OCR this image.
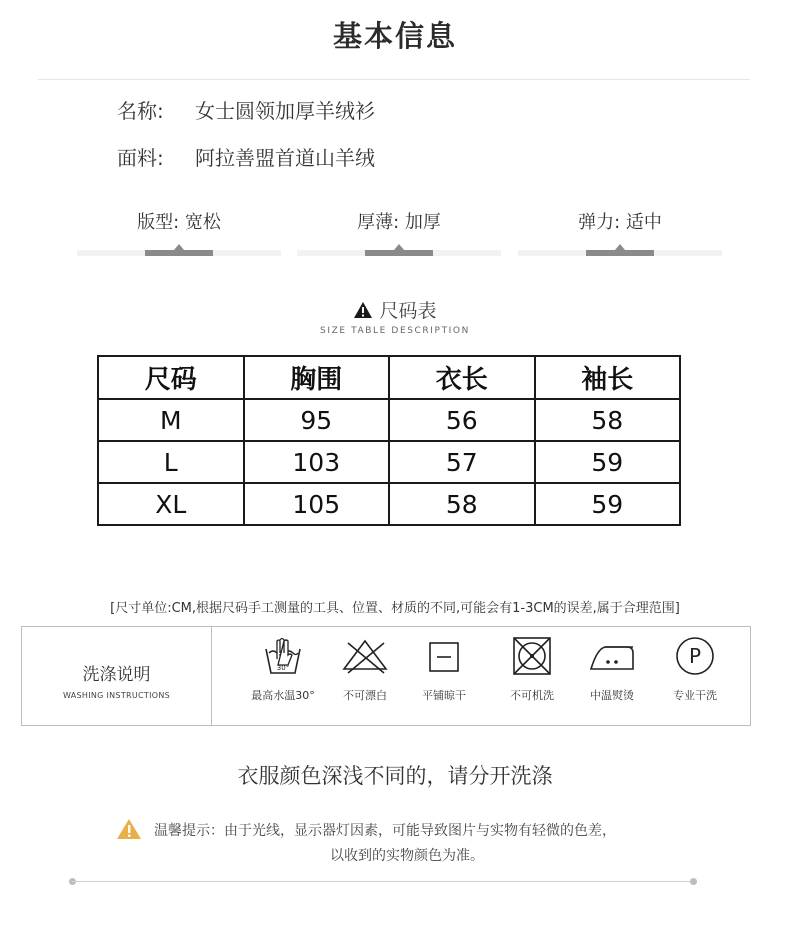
基本信息
名称: 女士圆领加厚羊绒衫
面料: 阿拉善盟首道山羊绒
版型: 宽松	厚薄: 加厚	弹力: 适中
尺码表
SIZE TABLE DESCRIPTION
尺码	胸围	衣长	袖长
M	95	56	58
L	103	57	59
XL	105	58	59
[尺寸单位:CM,根据尺码手工测量的工具、位置、材质的不同,可能会有1-3CM的误差,属于合理范围]
洗涤说明
WASHING INSTRUCTIONS
30°
最高水温30°	不可漂白	平铺晾干	不可机洗	中温熨烫
P
专业干洗
衣服颜色深浅不同的，请分开洗涤
温馨提示：由于光线，显示器灯因素，可能导致图片与实物有轻微的色差，
以收到的实物颜色为准。
